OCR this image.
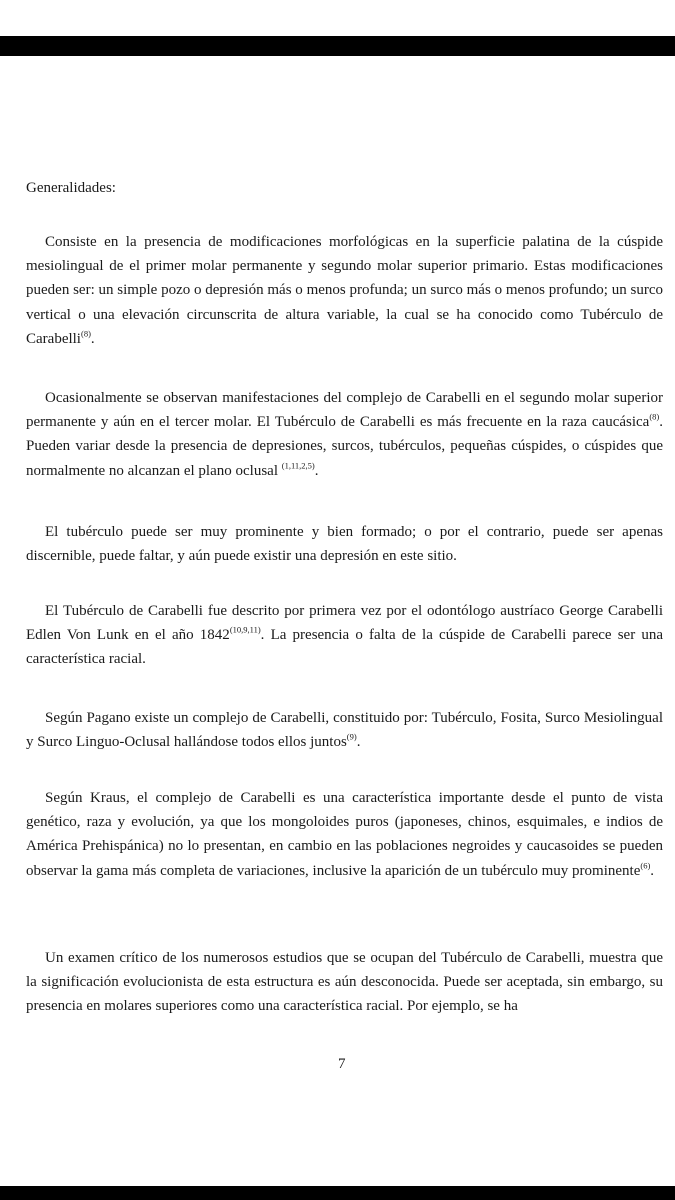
Generalidades:

Consiste en la presencia de modificaciones morfológicas en la superficie palatina de la cúspide mesiolingual de el primer molar permanente y segundo molar superior primario. Estas modificaciones pueden ser: un simple pozo o depresión más o menos profunda; un surco más o menos profundo; un surco vertical o una elevación circunscrita de altura variable, la cual se ha conocido como Tubérculo de Carabelli$^{(8)}$.

Ocasionalmente se observan manifestaciones del complejo de Carabelli en el segundo molar superior permanente y aún en el tercer molar. El Tubérculo de Carabelli es más frecuente en la raza caucásica$^{(8)}$. Pueden variar desde la presencia de depresiones, surcos, tubérculos, pequeñas cúspides, o cúspides que normalmente no alcanzan el plano oclusal $^{(1,11,2,5)}$.

El tubérculo puede ser muy prominente y bien formado; o por el contrario, puede ser apenas discernible, puede faltar, y aún puede existir una depresión en este sitio.

El Tubérculo de Carabelli fue descrito por primera vez por el odontólogo austríaco George Carabelli Edlen Von Lunk en el año 1842$^{(10,9,11)}$. La presencia o falta de la cúspide de Carabelli parece ser una característica racial.

Según Pagano existe un complejo de Carabelli, constituido por: Tubérculo, Fosita, Surco Mesiolingual y Surco Linguo-Oclusal hallándose todos ellos juntos$^{(9)}$.

Según Kraus, el complejo de Carabelli es una característica importante desde el punto de vista genético, raza y evolución, ya que los mongoloides puros (japoneses, chinos, esquimales, e indios de América Prehispánica) no lo presentan, en cambio en las poblaciones negroides y caucasoides se pueden observar la gama más completa de variaciones, inclusive la aparición de un tubérculo muy prominente$^{(6)}$.

Un examen crítico de los numerosos estudios que se ocupan del Tubérculo de Carabelli, muestra que la significación evolucionista de esta estructura es aún desconocida. Puede ser aceptada, sin embargo, su presencia en molares superiores como una característica racial. Por ejemplo, se ha

7
